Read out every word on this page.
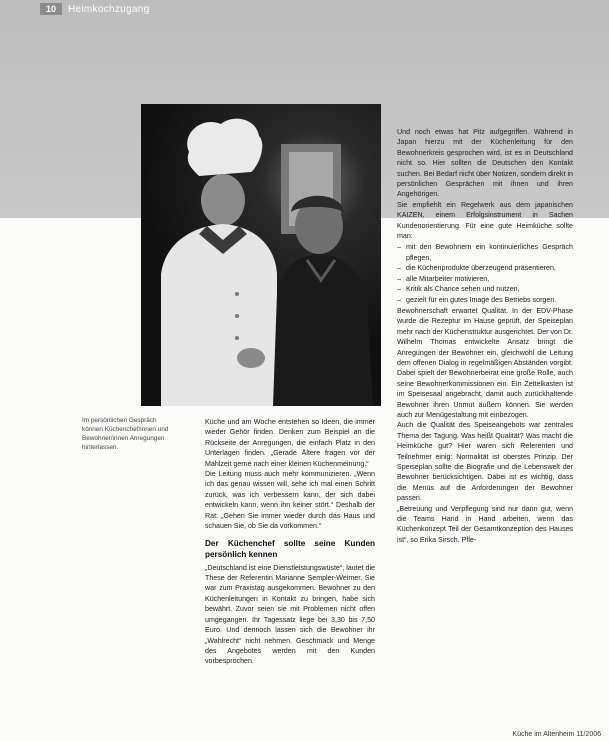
10	Heimkochzugang
Im persönlichen Gespräch können Küchenchef/innen und Bewohner/innen Anregungen hinterlassen.

Küche und am Woche entstehen so Ideen, die immer wieder Gehör finden. Denken zum Beispiel an die Rückseite der Anregungen, die einfach Platz in den Unterlagen finden. „Gerade Ältere fragen vor der Mahlzeit gerne nach einer kleinen Küchenmeinung.“

Die Leitung muss auch mehr kommunizieren. „Wenn ich das genau wissen will, sehe ich mal einen Schritt zurück, was ich verbessern kann, der sich dabei entwickeln kann, wenn ihn keiner stört.“ Deshalb der Rat: „Gehen Sie immer wieder durch das Haus und schauen Sie, ob Sie da vorkommen.“

Der Küchenchef sollte seine Kunden persönlich kennen

„Deutschland ist eine Dienstleistungswüste“, lautet die These der Referentin Marianne Sempler-Weimer. Sie war zum Praxistag ausgekommen. Bewohner zu den Küchenleitungen in Kontakt zu bringen, habe sich bewährt. Zuvor seien sie mit Problemen nicht offen umgegangen. Ihr Tagessatz liege bei 3,30 bis 7,50 Euro. Und dennoch lassen sich die Bewohner ihr „Wahlrecht“ nicht nehmen. Geschmack und Menge des Angebotes werden mit den Kunden vorbesprochen.

Und noch etwas hat Pitz aufgegriffen. Während in Japan hierzu mit der Küchenleitung für den Bewohnerkreis gesprochen wird, ist es in Deutschland nicht so. Hier sollten die Deutschen den Kontakt suchen. Bei Bedarf nicht über Notizen, sondern direkt in persönlichen Gesprächen mit ihnen und ihren Angehörigen.

Sie empfiehlt ein Regelwerk aus dem japanischen KAIZEN, einem Erfolgsinstrument in Sachen Kundenorientierung. Für eine gute Heimküche sollte man:

– mit den Bewohnern ein kontinuierliches Gespräch pflegen,
– die Küchenprodukte überzeugend präsentieren,
– alle Mitarbeiter motivieren,
– Kritik als Chance sehen und nutzen,
– gezielt für ein gutes Image des Betriebs sorgen.

Bewohnerschaft erwartet Qualität. In der EDV-Phase wurde die Rezeptur im Hause geprüft, der Speiseplan mehr nach der Küchenstruktur ausgerichtet. Der von Dr. Wilhelm Thomas entwickelte Ansatz bringt die Anregungen der Bewohner ein, gleichwohl die Leitung dem offenen Dialog in regelmäßigen Abständen vorgibt. Dabei spielt der Bewohnerbeirat eine große Rolle, auch seine Bewohnerkommissionen ein. Ein Zettelkasten ist im Speisesaal angebracht, damit auch zurückhaltende Bewohner ihren Unmut äußern können. Sie werden auch zur Menügestaltung mit einbezogen.

Auch die Qualität des Speiseangebots war zentrales Thema der Tagung. Was heißt Qualität? Was macht die Heimküche gut? Hier waren sich Referenten und Teilnehmer einig: Normalität ist oberstes Prinzip. Der Speiseplan sollte die Biografie und die Lebenswelt der Bewohner berücksichtigen. Dabei ist es wichtig, dass die Menüs auf die Anforderungen der Bewohner passen.

„Betreuung und Verpflegung sind nur dann gut, wenn die Teams Hand in Hand arbeiten, wenn das Küchenkonzept Teil der Gesamtkonzeption des Hauses ist“, so Erika Sirsch. Pfle-

Küche im Altenheim 11/2006
